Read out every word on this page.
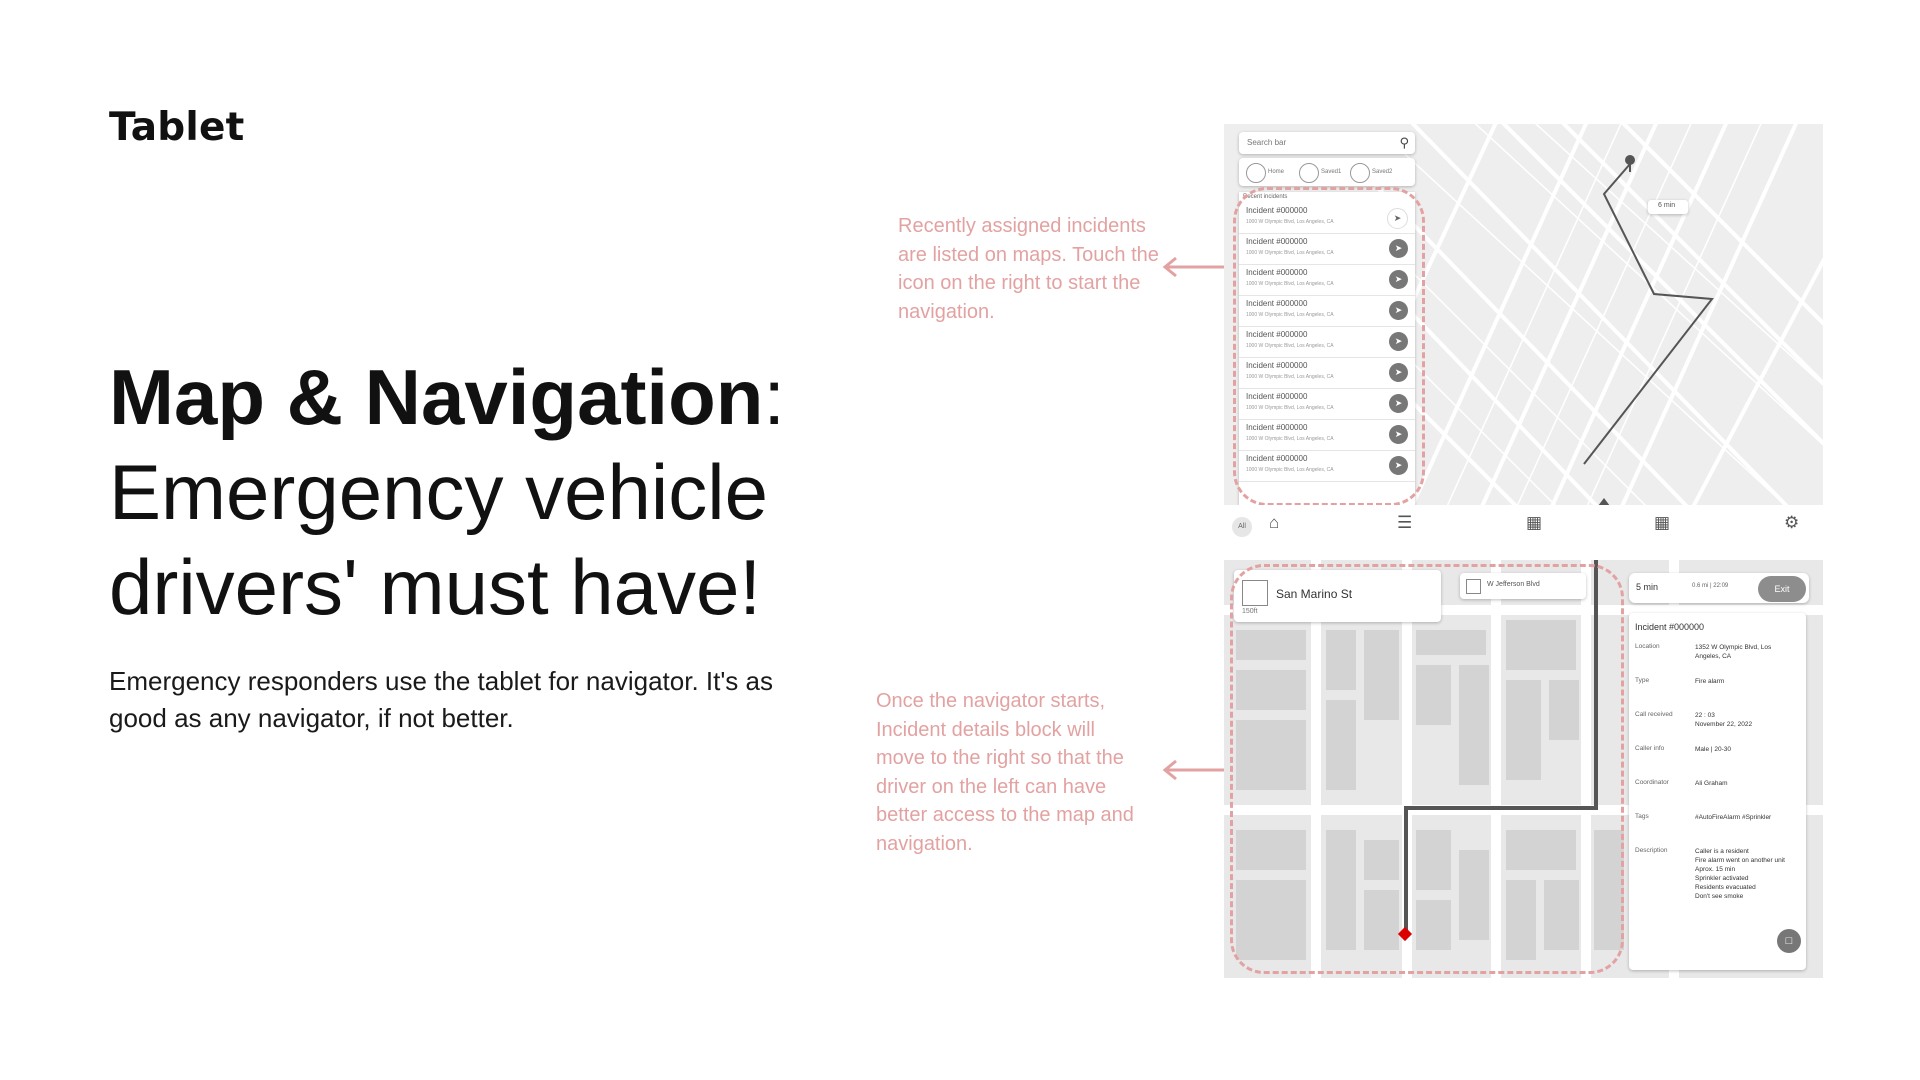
Tablet
Map & Navigation:
Emergency vehicle
drivers' must have!
Emergency responders use the tablet for navigator. It's as good as any navigator, if not better.
Recently assigned incidents are listed on maps. Touch the icon on the right to start the navigation.
Once the navigator starts, Incident details block will move to the right so that the driver on the left can have better access to the map and navigation.
6 min
Search bar	⚲
Home	Saved1	Saved2
Recent incidents
Incident #000000
1000 W Olympic Blvd, Los Angeles, CA	➤
Incident #000000
1000 W Olympic Blvd, Los Angeles, CA	➤
Incident #000000
1000 W Olympic Blvd, Los Angeles, CA	➤
Incident #000000
1000 W Olympic Blvd, Los Angeles, CA	➤
Incident #000000
1000 W Olympic Blvd, Los Angeles, CA	➤
Incident #000000
1000 W Olympic Blvd, Los Angeles, CA	➤
Incident #000000
1000 W Olympic Blvd, Los Angeles, CA	➤
Incident #000000
1000 W Olympic Blvd, Los Angeles, CA	➤
Incident #000000
1000 W Olympic Blvd, Los Angeles, CA	➤
All	⌂	☰	▦	▦	⚙
150ft
San Marino St
W Jefferson Blvd	5 min	0.6 mi | 22:09	Exit
Incident #000000
Location	1352 W Olympic Blvd, Los Angeles, CA
Type	Fire alarm
Call received	22 : 03
November 22, 2022
Caller info	Male | 20-30
Coordinator	Ali Graham
Tags	#AutoFireAlarm #Sprinkler
Description	Caller is a resident
Fire alarm went on another unit
Aprox. 15 min
Sprinkler activated
Residents evacuated
Don't see smoke
□
